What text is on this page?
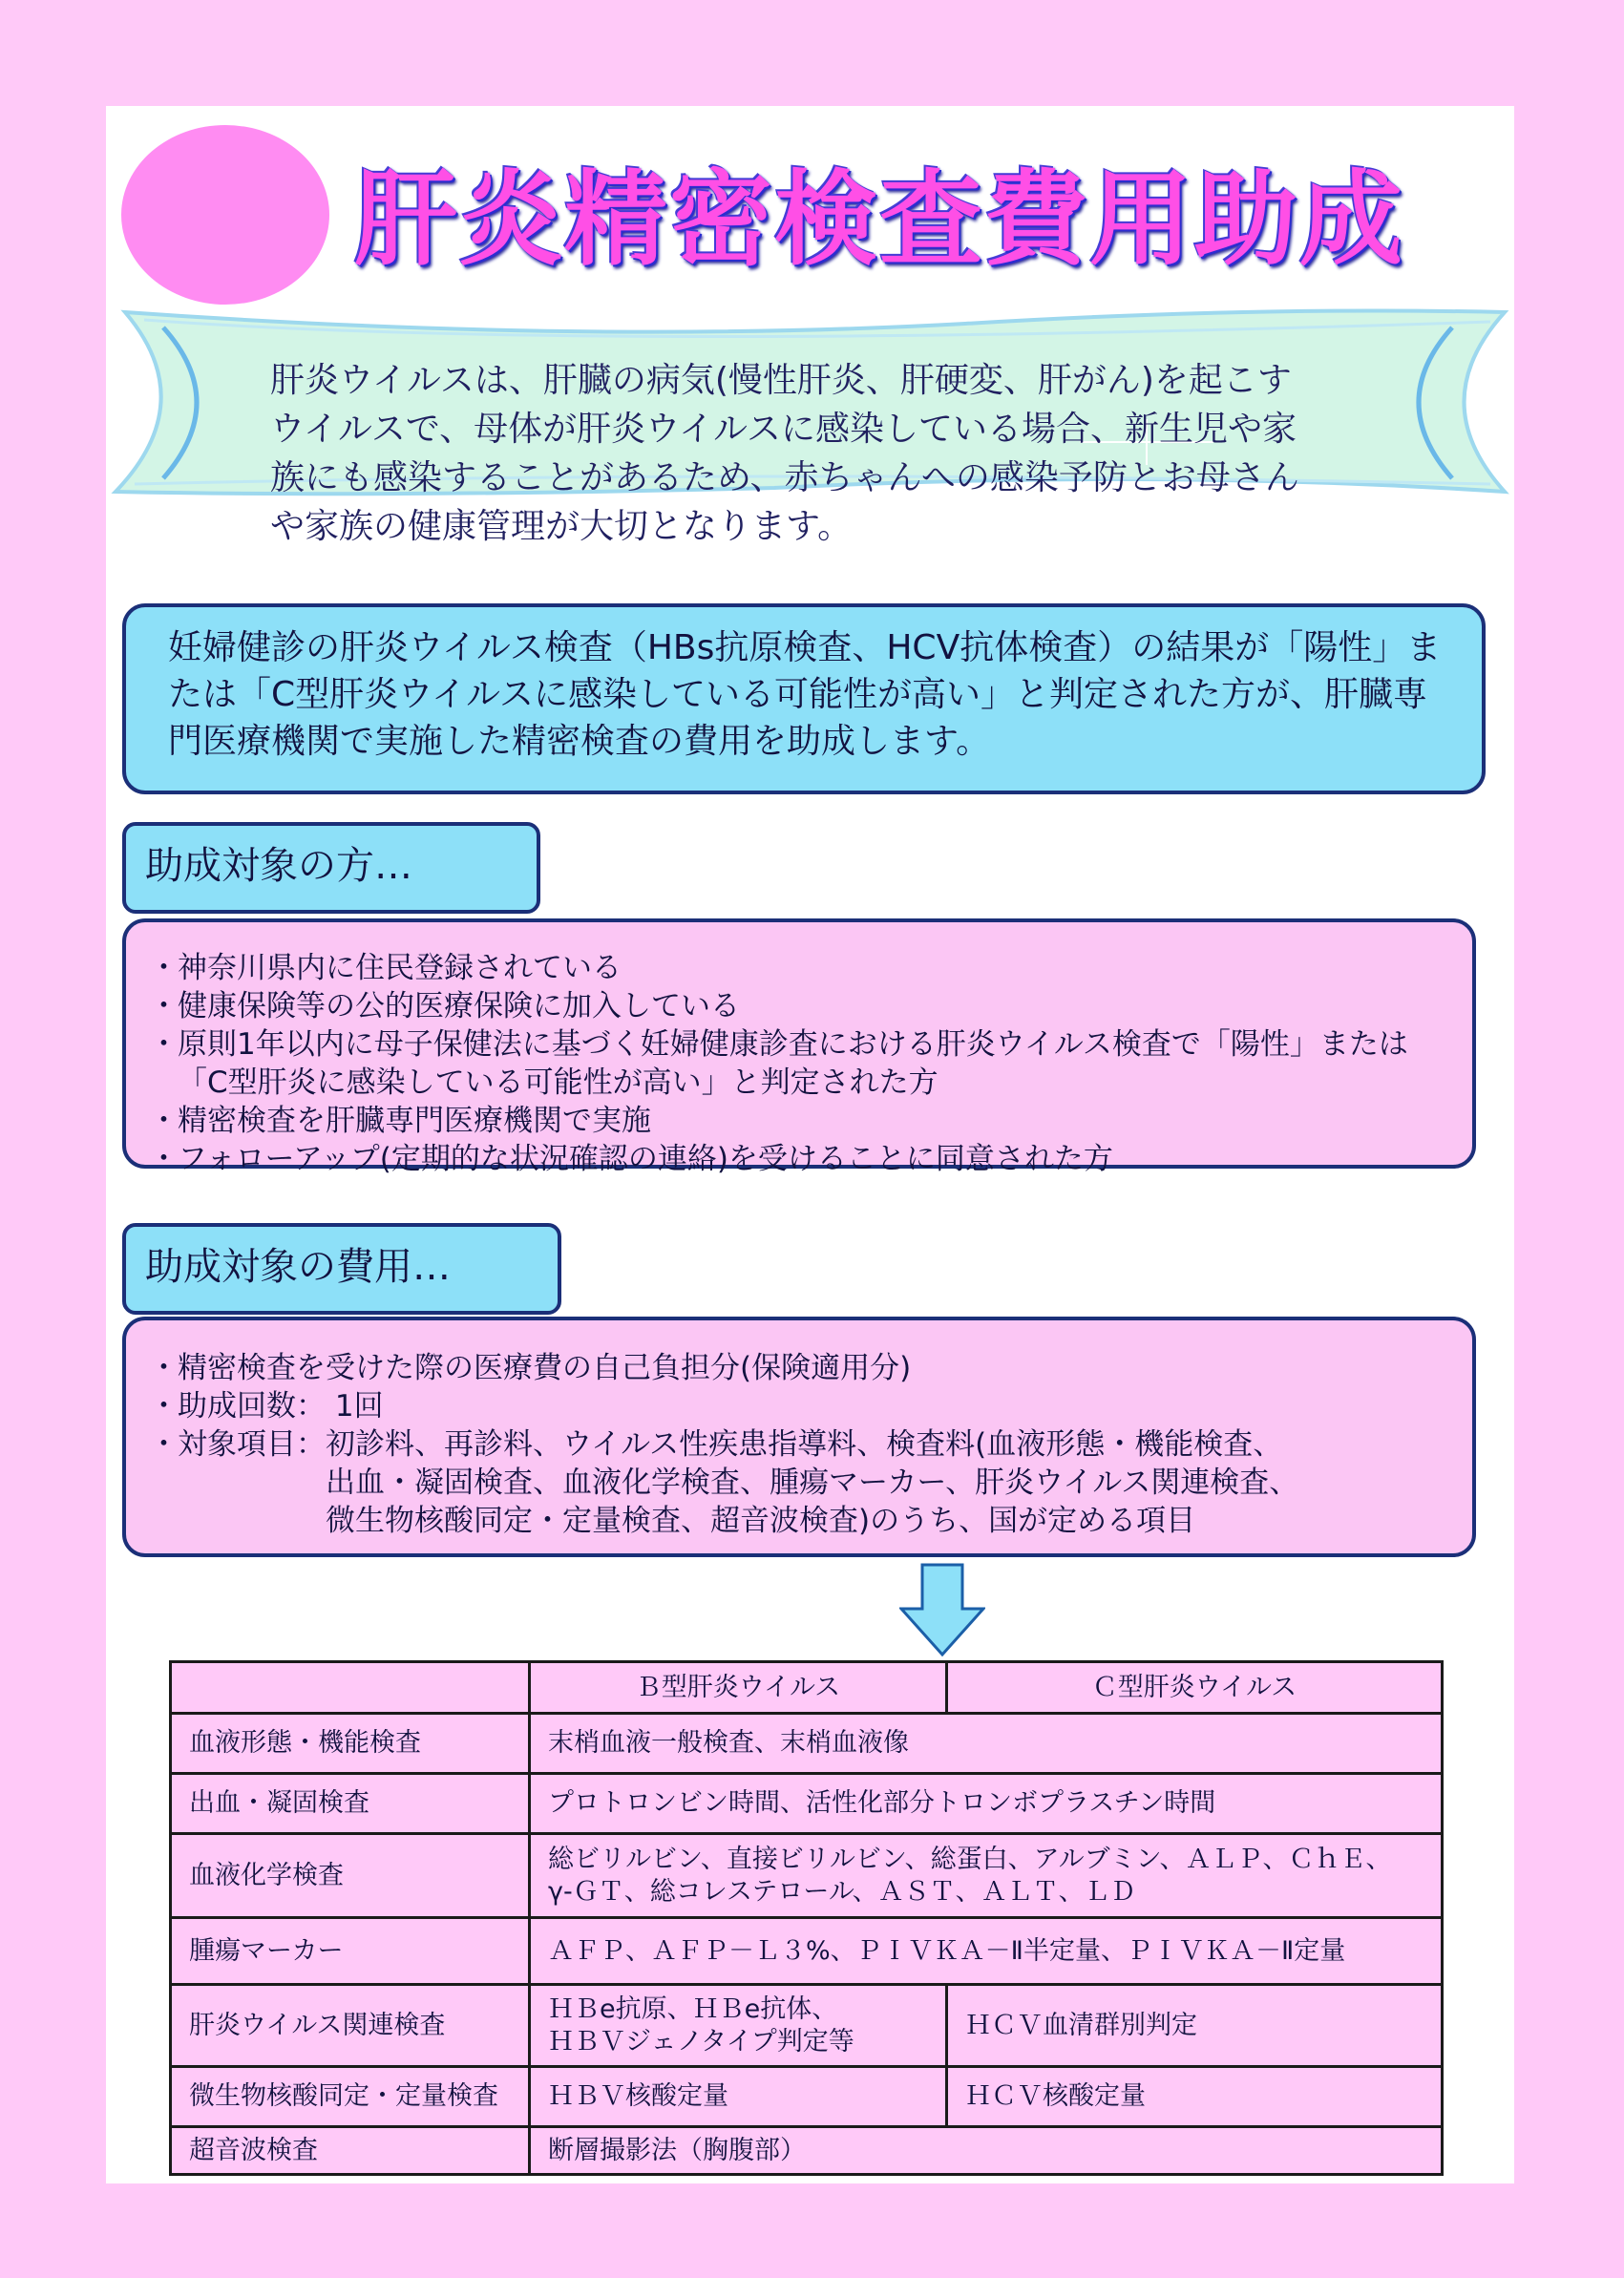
肝炎精密検査費用助成
肝炎ウイルスは、肝臓の病気(慢性肝炎、肝硬変、肝がん)を起こすウイルスで、母体が肝炎ウイルスに感染している場合、新生児や家族にも感染することがあるため、赤ちゃんへの感染予防とお母さんや家族の健康管理が大切となります。
妊婦健診の肝炎ウイルス検査（HBs抗原検査、HCV抗体検査）の結果が「陽性」または「C型肝炎ウイルスに感染している可能性が高い」と判定された方が、肝臓専門医療機関で実施した精密検査の費用を助成します。
助成対象の方…
・ 神奈川県内に住民登録されている
・ 健康保険等の公的医療保険に加入している
・ 原則1年以内に母子保健法に基づく妊婦健康診査における肝炎ウイルス検査で「陽性」または
「C型肝炎に感染している可能性が高い」と判定された方
・ 精密検査を肝臓専門医療機関で実施
・ フォローアップ(定期的な状況確認の連絡)を受けることに同意された方
助成対象の費用…
・ 精密検査を受けた際の医療費の自己負担分(保険適用分)
・ 助成回数： 1回
・ 対象項目： 初診料、再診料、ウイルス性疾患指導料、検査料(血液形態・機能検査、
出血・凝固検査、血液化学検査、腫瘍マーカー、肝炎ウイルス関連検査、
微生物核酸同定・定量検査、超音波検査)のうち、国が定める項目
	Ｂ型肝炎ウイルス	Ｃ型肝炎ウイルス
血液形態・機能検査	末梢血液一般検査、末梢血液像	
出血・凝固検査	プロトロンビン時間、活性化部分トロンボプラスチン時間	
血液化学検査	総ビリルビン、直接ビリルビン、総蛋白、アルブミン、ＡＬＰ、ＣｈＥ、
γ-ＧＴ、総コレステロール、ＡＳＴ、ＡＬＴ、ＬＤ	

腫瘍マーカー	ＡＦＰ、ＡＦＰ－Ｌ３%、ＰＩＶＫＡ－Ⅱ半定量、ＰＩＶＫＡ－Ⅱ定量	
肝炎ウイルス関連検査	ＨＢe抗原、ＨＢe抗体、
ＨＢＶジェノタイプ判定等	ＨＣＶ血清群別判定
微生物核酸同定・定量検査	ＨＢＶ核酸定量	ＨＣＶ核酸定量
超音波検査	断層撮影法（胸腹部）	
